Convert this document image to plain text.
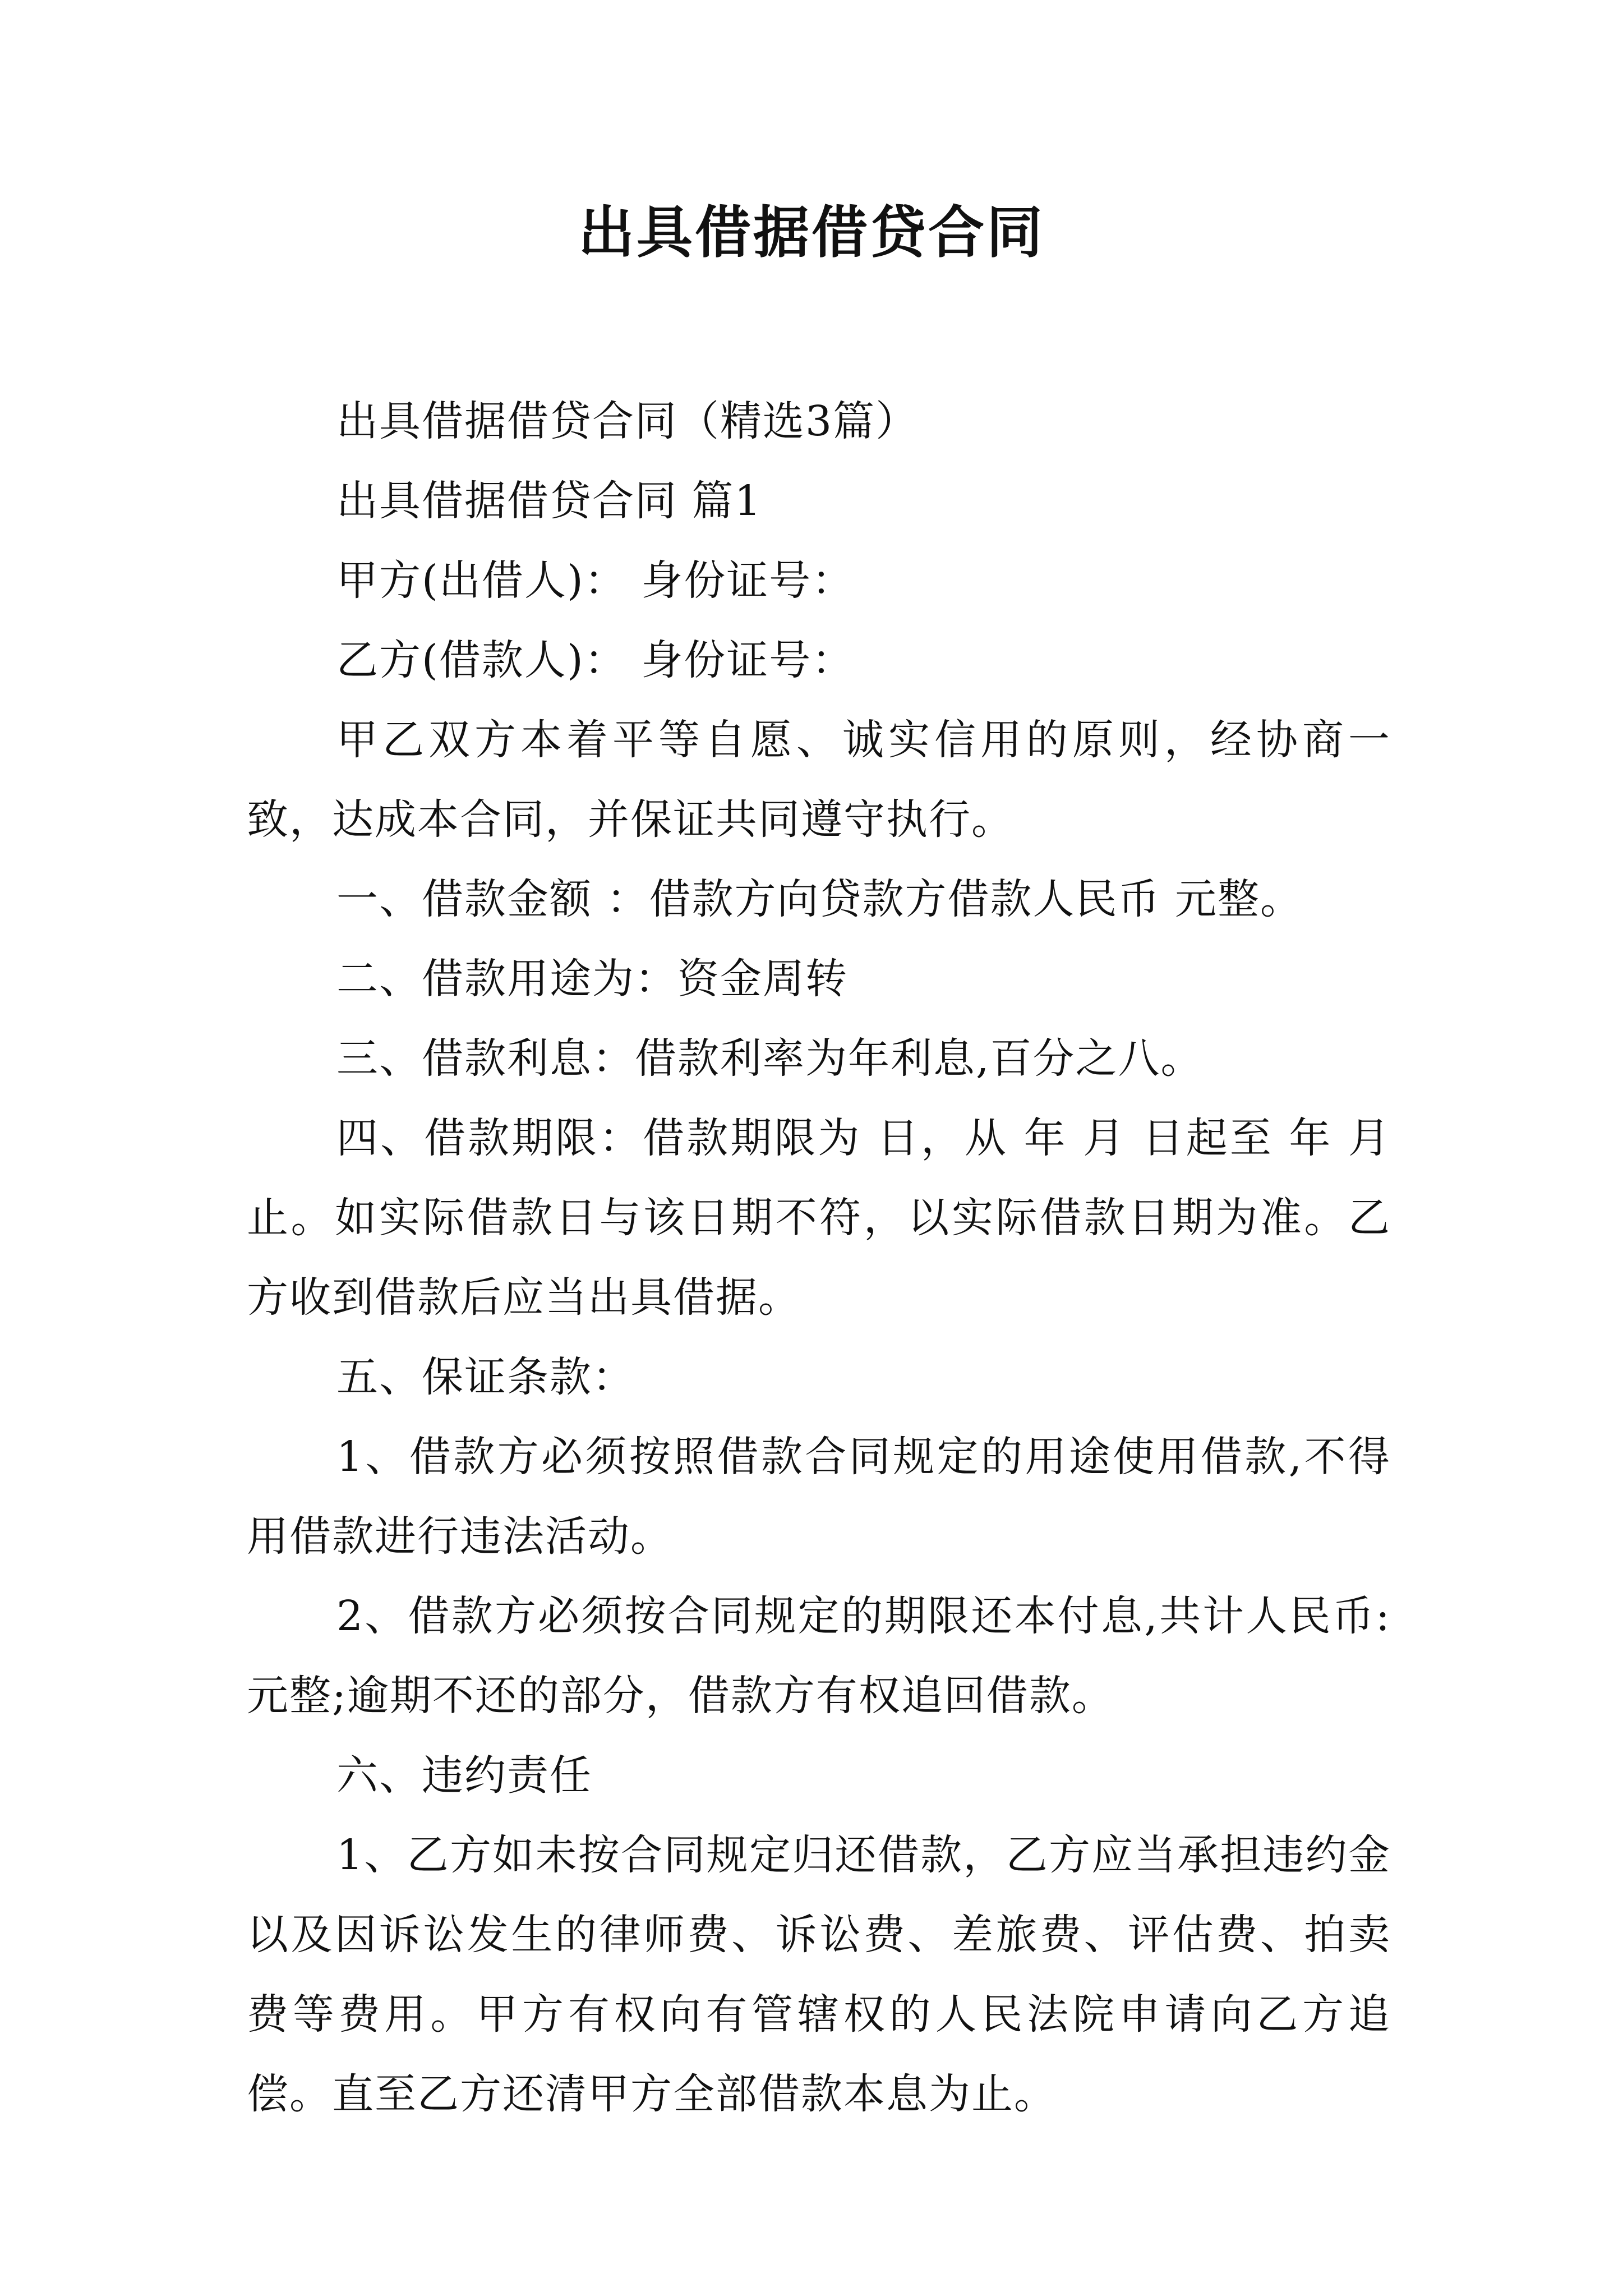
出具借据借贷合同

出具借据借贷合同（精选3篇）

出具借据借贷合同 篇1

甲方(出借人)： 身份证号：

乙方(借款人)： 身份证号：

甲乙双方本着平等自愿、诚实信用的原则，经协商一致，达成本合同，并保证共同遵守执行。

一、借款金额 ：借款方向贷款方借款人民币 元整。

二、借款用途为：资金周转

三、借款利息：借款利率为年利息,百分之八。

四、借款期限：借款期限为 日，从 年 月 日起至 年 月 止。如实际借款日与该日期不符，以实际借款日期为准。乙方收到借款后应当出具借据。

五、保证条款：

1、借款方必须按照借款合同规定的用途使用借款,不得用借款进行违法活动。

2、借款方必须按合同规定的期限还本付息,共计人民币: 元整;逾期不还的部分，借款方有权追回借款。

六、违约责任

1、乙方如未按合同规定归还借款，乙方应当承担违约金以及因诉讼发生的律师费、诉讼费、差旅费、评估费、拍卖费等费用。甲方有权向有管辖权的人民法院申请向乙方追偿。直至乙方还清甲方全部借款本息为止。
